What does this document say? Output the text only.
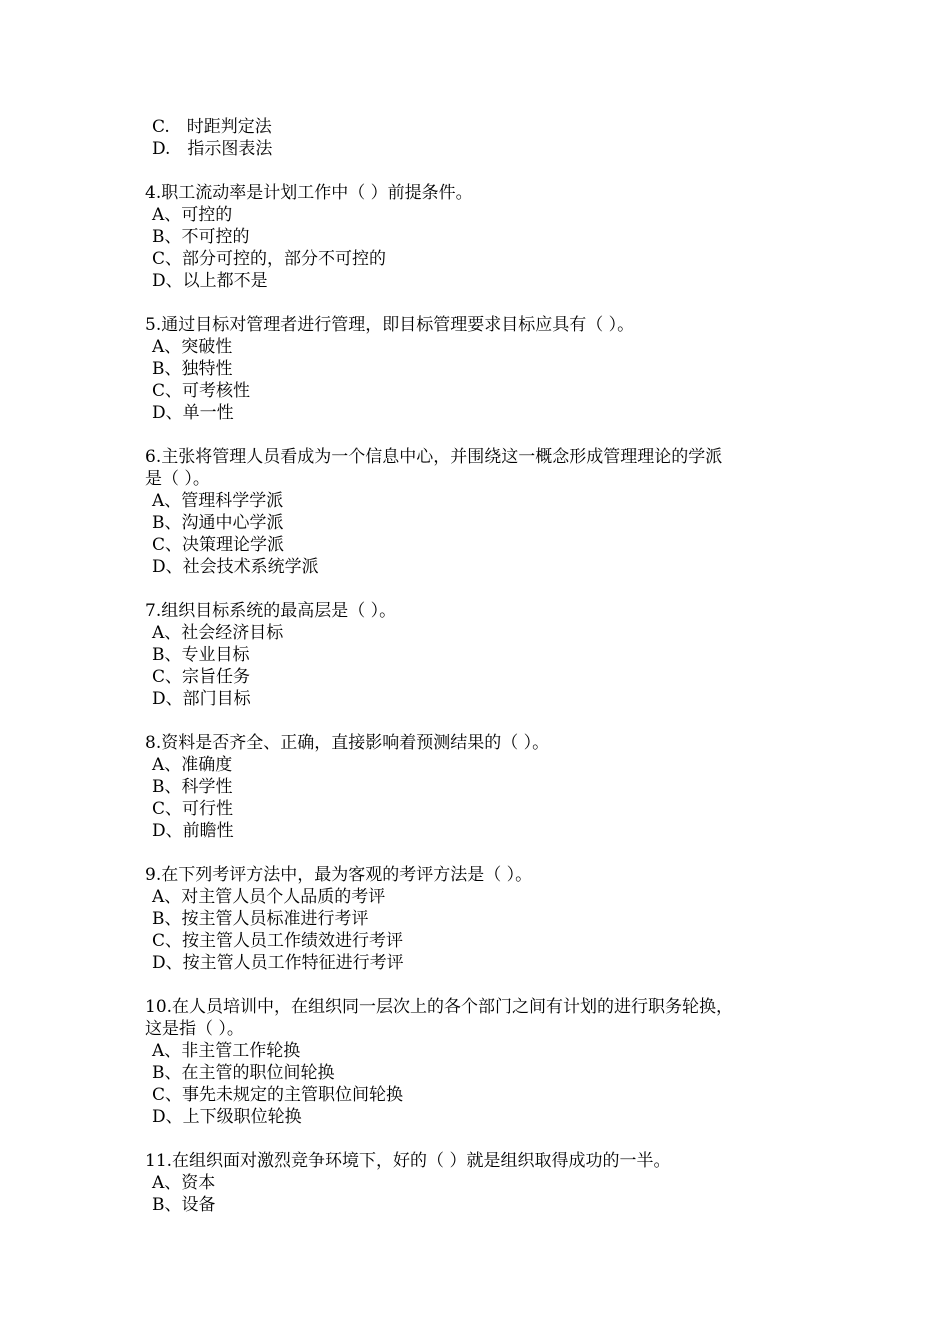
C.　时距判定法
D.　指示图表法
4.职工流动率是计划工作中（ ）前提条件。
A、可控的
B、不可控的
C、部分可控的，部分不可控的
D、以上都不是
5.通过目标对管理者进行管理，即目标管理要求目标应具有（ ）。
A、突破性
B、独特性
C、可考核性
D、单一性
6.主张将管理人员看成为一个信息中心，并围绕这一概念形成管理理论的学派
是（ ）。
A、管理科学学派
B、沟通中心学派
C、决策理论学派
D、社会技术系统学派
7.组织目标系统的最高层是（ ）。
A、社会经济目标
B、专业目标
C、宗旨任务
D、部门目标
8.资料是否齐全、正确，直接影响着预测结果的（ ）。
A、准确度
B、科学性
C、可行性
D、前瞻性
9.在下列考评方法中，最为客观的考评方法是（ ）。
A、对主管人员个人品质的考评
B、按主管人员标准进行考评
C、按主管人员工作绩效进行考评
D、按主管人员工作特征进行考评
10.在人员培训中，在组织同一层次上的各个部门之间有计划的进行职务轮换，
这是指（ ）。
A、非主管工作轮换
B、在主管的职位间轮换
C、事先未规定的主管职位间轮换
D、上下级职位轮换
11.在组织面对激烈竞争环境下，好的（ ）就是组织取得成功的一半。
A、资本
B、设备
